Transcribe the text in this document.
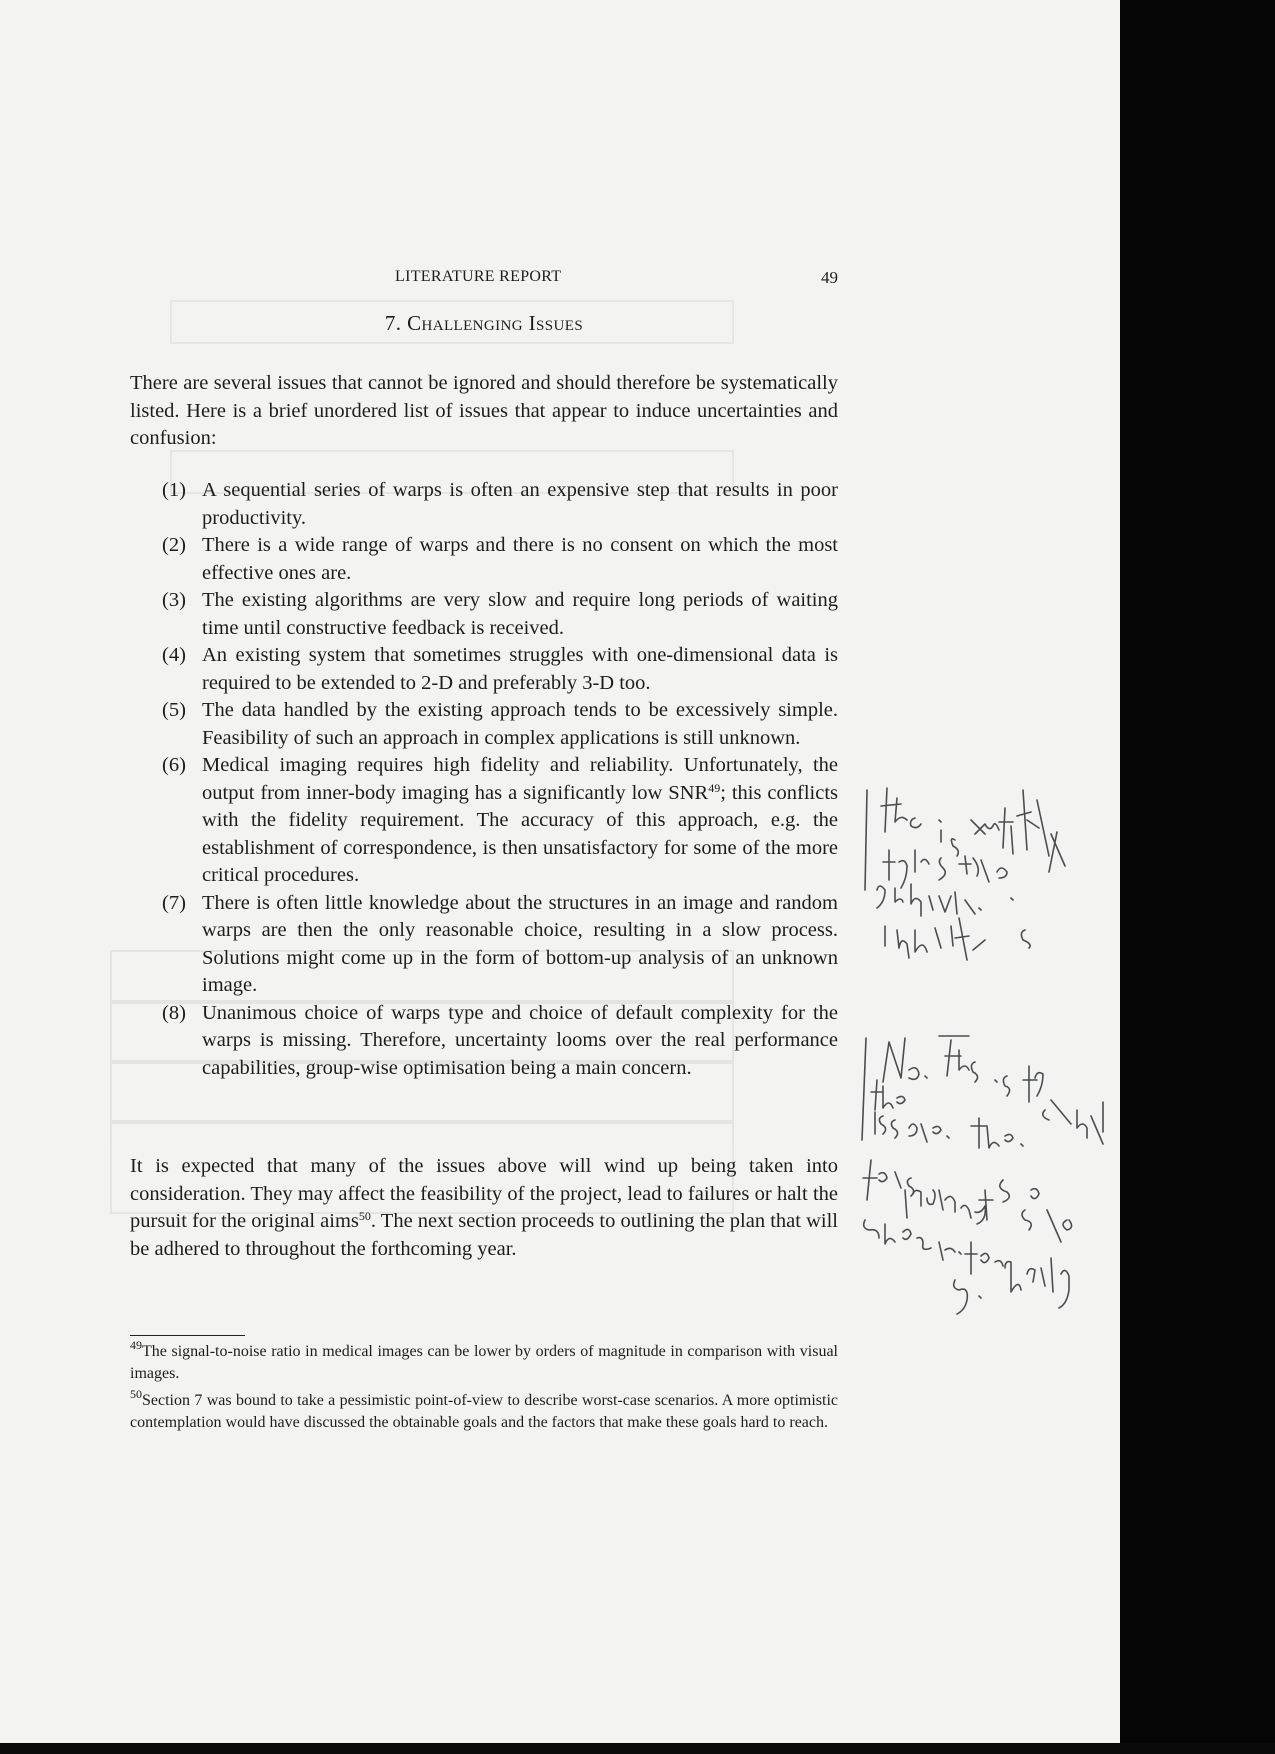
LITERATURE REPORT	49
7. Challenging Issues

There are several issues that cannot be ignored and should therefore be systematically listed. Here is a brief unordered list of issues that appear to induce uncertainties and confusion:

(1) A sequential series of warps is often an expensive step that results in poor productivity.
(2) There is a wide range of warps and there is no consent on which the most effective ones are.
(3) The existing algorithms are very slow and require long periods of waiting time until constructive feedback is received.
(4) An existing system that sometimes struggles with one-dimensional data is required to be extended to 2-D and preferably 3-D too.
(5) The data handled by the existing approach tends to be excessively simple. Feasibility of such an approach in complex applications is still unknown.
(6) Medical imaging requires high fidelity and reliability. Unfortunately, the output from inner-body imaging has a significantly low SNR$^{49}$; this conflicts with the fidelity requirement. The accuracy of this approach, e.g. the establishment of correspondence, is then unsatisfactory for some of the more critical procedures.
(7) There is often little knowledge about the structures in an image and random warps are then the only reasonable choice, resulting in a slow process. Solutions might come up in the form of bottom-up analysis of an unknown image.
(8) Unanimous choice of warps type and choice of default complexity for the warps is missing. Therefore, uncertainty looms over the real performance capabilities, group-wise optimisation being a main concern.

It is expected that many of the issues above will wind up being taken into consideration. They may affect the feasibility of the project, lead to failures or halt the pursuit for the original aims$^{50}$. The next section proceeds to outlining the plan that will be adhered to throughout the forthcoming year.

$^{49}$The signal-to-noise ratio in medical images can be lower by orders of magnitude in comparison with visual images.

$^{50}$Section 7 was bound to take a pessimistic point-of-view to describe worst-case scenarios. A more optimistic contemplation would have discussed the obtainable goals and the factors that make these goals hard to reach.
